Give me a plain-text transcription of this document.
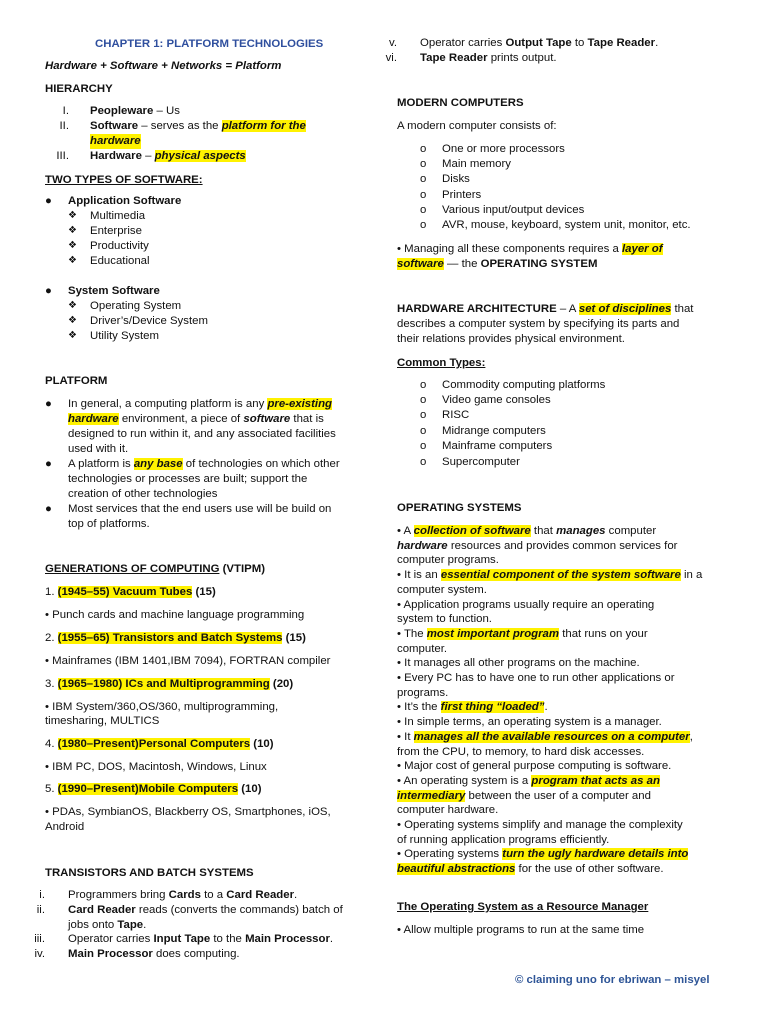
CHAPTER 1: PLATFORM TECHNOLOGIES
Hardware + Software + Networks = Platform
HIERARCHY
I. Peopleware – Us
II. Software – serves as the platform for the
hardware
III. Hardware – physical aspects
TWO TYPES OF SOFTWARE:
● Application Software
❖ Multimedia
❖ Enterprise
❖ Productivity
❖ Educational
● System Software
❖ Operating System
❖ Driver’s/Device System
❖ Utility System
PLATFORM
● In general, a computing platform is any pre-existing
hardware environment, a piece of software that is
designed to run within it, and any associated facilities
used with it.
● A platform is any base of technologies on which other
technologies or processes are built; support the
creation of other technologies
● Most services that the end users use will be build on
top of platforms.
GENERATIONS OF COMPUTING (VTIPM)
1. (1945–55) Vacuum Tubes (15)
• Punch cards and machine language programming
2. (1955–65) Transistors and Batch Systems (15)
• Mainframes (IBM 1401,IBM 7094), FORTRAN compiler
3. (1965–1980) ICs and Multiprogramming (20)
• IBM System/360,OS/360, multiprogramming,
timesharing, MULTICS
4. (1980–Present)Personal Computers (10)
• IBM PC, DOS, Macintosh, Windows, Linux
5. (1990–Present)Mobile Computers (10)
• PDAs, SymbianOS, Blackberry OS, Smartphones, iOS,
Android
TRANSISTORS AND BATCH SYSTEMS
i. Programmers bring Cards to a Card Reader.
ii. Card Reader reads (converts the commands) batch of
jobs onto Tape.
iii. Operator carries Input Tape to the Main Processor.
iv. Main Processor does computing.
v. Operator carries Output Tape to Tape Reader.
vi. Tape Reader prints output.
MODERN COMPUTERS
A modern computer consists of:
o One or more processors
o Main memory
o Disks
o Printers
o Various input/output devices
o AVR, mouse, keyboard, system unit, monitor, etc.
• Managing all these components requires a layer of
software — the OPERATING SYSTEM
HARDWARE ARCHITECTURE – A set of disciplines that
describes a computer system by specifying its parts and
their relations provides physical environment.
Common Types:
o Commodity computing platforms
o Video game consoles
o RISC
o Midrange computers
o Mainframe computers
o Supercomputer
OPERATING SYSTEMS
• A collection of software that manages computer
hardware resources and provides common services for
computer programs.
• It is an essential component of the system software in a
computer system.
• Application programs usually require an operating
system to function.
• The most important program that runs on your
computer.
• It manages all other programs on the machine.
• Every PC has to have one to run other applications or
programs.
• It’s the first thing “loaded”.
• In simple terms, an operating system is a manager.
• It manages all the available resources on a computer,
from the CPU, to memory, to hard disk accesses.
• Major cost of general purpose computing is software.
• An operating system is a program that acts as an
intermediary between the user of a computer and
computer hardware.
• Operating systems simplify and manage the complexity
of running application programs efficiently.
• Operating systems turn the ugly hardware details into
beautiful abstractions for the use of other software.
The Operating System as a Resource Manager
• Allow multiple programs to run at the same time
© claiming uno for ebriwan – misyel
